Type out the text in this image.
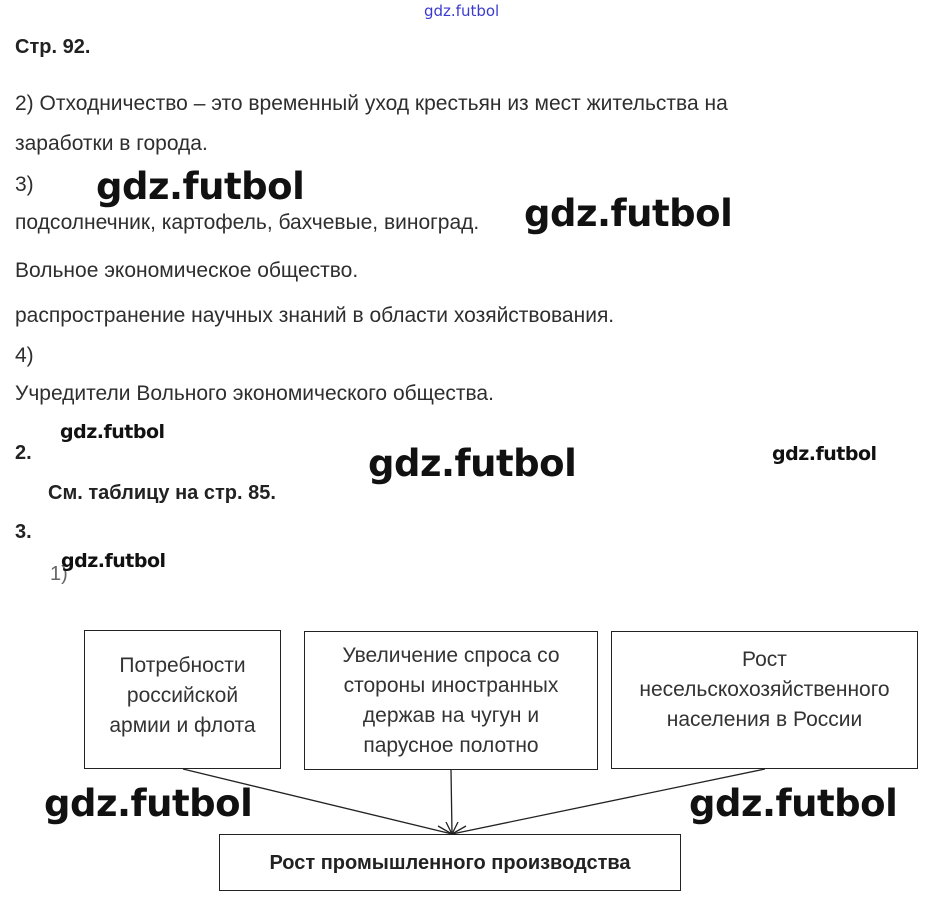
gdz.futbol
Стр. 92.
2) Отходничество – это временный уход крестьян из мест жительства на
заработки в города.
3)
подсолнечник, картофель, бахчевые, виноград.
Вольное экономическое общество.
распространение научных знаний в области хозяйствования.
4)
Учредители Вольного экономического общества.
2.
См. таблицу на стр. 85.
3.
1)
Потребности
российской
армии и флота
Увеличение спроса со
стороны иностранных
держав на чугун и
парусное полотно
Рост
несельскохозяйственного
населения в России
Рост промышленного производства
gdz.futbol
gdz.futbol
gdz.futbol
gdz.futbol	gdz.futbol
gdz.futbol
gdz.futbol	gdz.futbol
